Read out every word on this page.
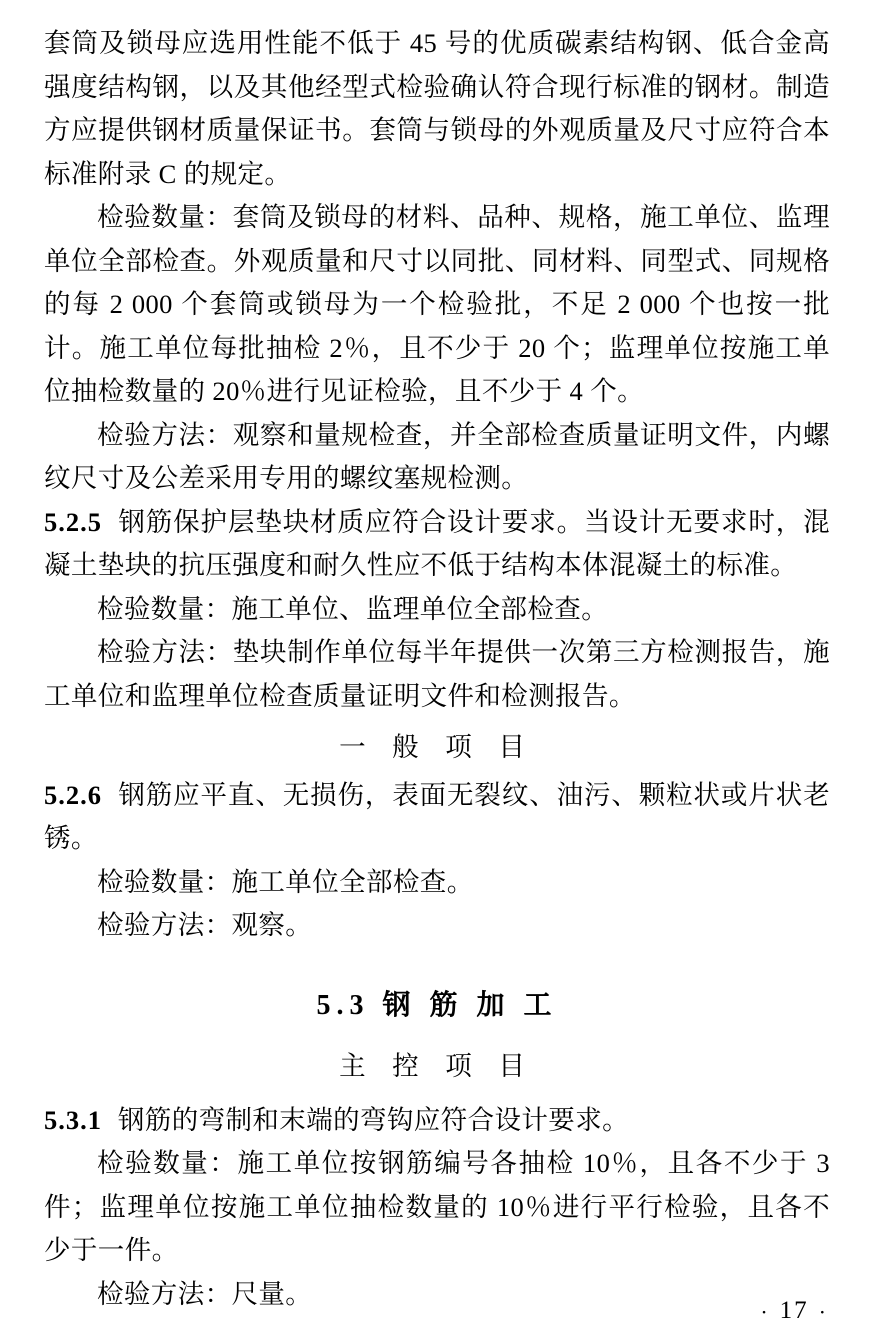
套筒及锁母应选用性能不低于 45 号的优质碳素结构钢、低合金高强度结构钢，以及其他经型式检验确认符合现行标准的钢材。制造方应提供钢材质量保证书。套筒与锁母的外观质量及尺寸应符合本标准附录 C 的规定。

检验数量：套筒及锁母的材料、品种、规格，施工单位、监理单位全部检查。外观质量和尺寸以同批、同材料、同型式、同规格的每 2 000 个套筒或锁母为一个检验批，不足 2 000 个也按一批计。施工单位每批抽检 2％，且不少于 20 个；监理单位按施工单位抽检数量的 20％进行见证检验，且不少于 4 个。

检验方法：观察和量规检查，并全部检查质量证明文件，内螺纹尺寸及公差采用专用的螺纹塞规检测。

5.2.5 钢筋保护层垫块材质应符合设计要求。当设计无要求时，混凝土垫块的抗压强度和耐久性应不低于结构本体混凝土的标准。

检验数量：施工单位、监理单位全部检查。

检验方法：垫块制作单位每半年提供一次第三方检测报告，施工单位和监理单位检查质量证明文件和检测报告。

一 般 项 目

5.2.6 钢筋应平直、无损伤，表面无裂纹、油污、颗粒状或片状老锈。

检验数量：施工单位全部检查。

检验方法：观察。

5.3 钢 筋 加 工

主 控 项 目

5.3.1 钢筋的弯制和末端的弯钩应符合设计要求。

检验数量：施工单位按钢筋编号各抽检 10％，且各不少于 3 件；监理单位按施工单位抽检数量的 10％进行平行检验，且各不少于一件。

检验方法：尺量。

· 17 ·
